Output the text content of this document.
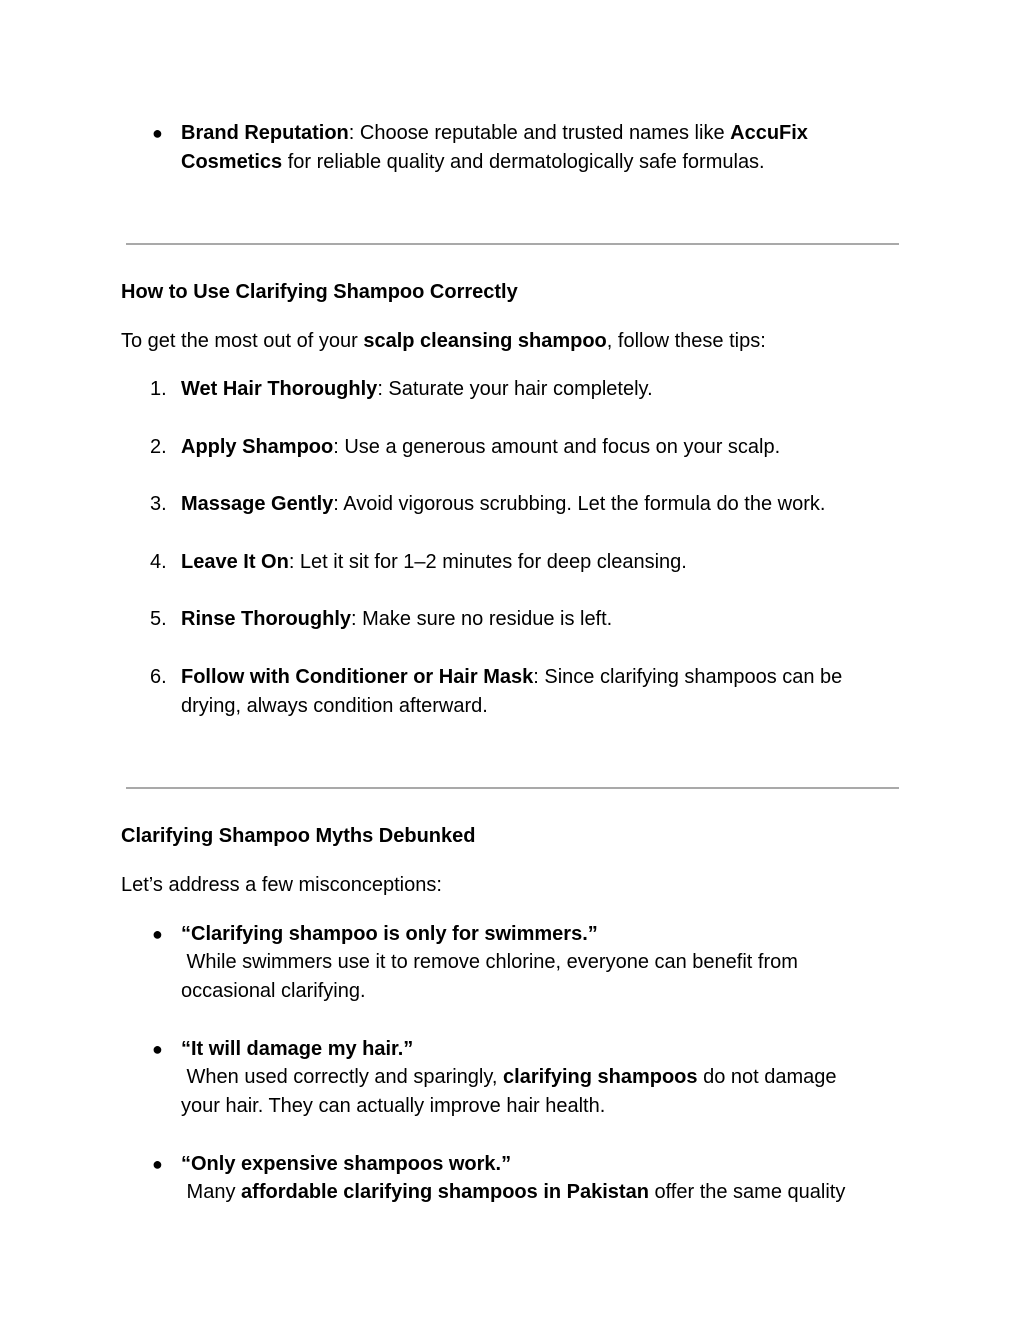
● Brand Reputation: Choose reputable and trusted names like AccuFix
Cosmetics for reliable quality and dermatologically safe formulas.
How to Use Clarifying Shampoo Correctly
To get the most out of your scalp cleansing shampoo, follow these tips:
1. Wet Hair Thoroughly: Saturate your hair completely.
2. Apply Shampoo: Use a generous amount and focus on your scalp.
3. Massage Gently: Avoid vigorous scrubbing. Let the formula do the work.
4. Leave It On: Let it sit for 1–2 minutes for deep cleansing.
5. Rinse Thoroughly: Make sure no residue is left.
6. Follow with Conditioner or Hair Mask: Since clarifying shampoos can be
drying, always condition afterward.
Clarifying Shampoo Myths Debunked
Let’s address a few misconceptions:
● “Clarifying shampoo is only for swimmers.”
While swimmers use it to remove chlorine, everyone can benefit from
occasional clarifying.
● “It will damage my hair.”
When used correctly and sparingly, clarifying shampoos do not damage
your hair. They can actually improve hair health.
● “Only expensive shampoos work.”
Many affordable clarifying shampoos in Pakistan offer the same quality
